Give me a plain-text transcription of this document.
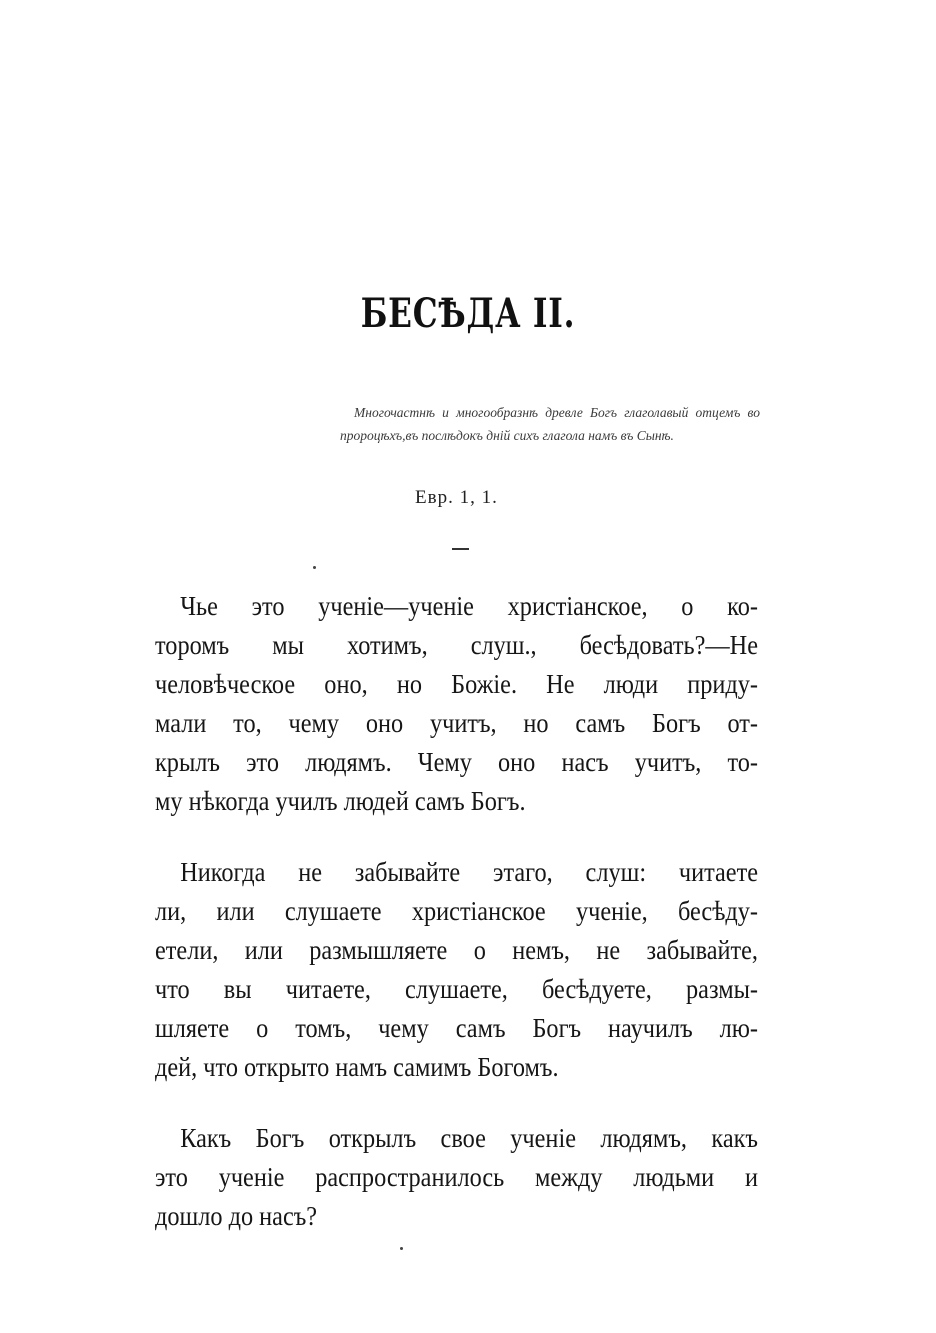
БЕСѢДА II.
Многочастнѣ и многообразнѣ древле Богъ глаголавый отцемъ во пророцѣхъ,въ послѣдокъ днiй сихъ глагола намъ въ Сынѣ.
Евр. 1, 1.
Чье это ученіе—ученіе христіанское, о ко-
торомъ мы хотимъ, слуш., бесѣдовать?—Не
человѣческое оно, но Божіе. Не люди приду-
мали то, чему оно учитъ, но самъ Богъ от-
крылъ это людямъ. Чему оно насъ учитъ, то-
му нѣкогда училъ людей самъ Богъ.
Никогда не забывайте этаго, слуш: читаете
ли, или слушаете христіанское ученіе, бесѣду-
етели, или размышляете о немъ, не забывайте,
что вы читаете, слушаете, бесѣдуете, размы-
шляете о томъ, чему самъ Богъ научилъ лю-
дей, что открыто намъ самимъ Богомъ.
Какъ Богъ открылъ свое ученіе людямъ, какъ
это ученіе распространилось между людьми и
дошло до насъ?
